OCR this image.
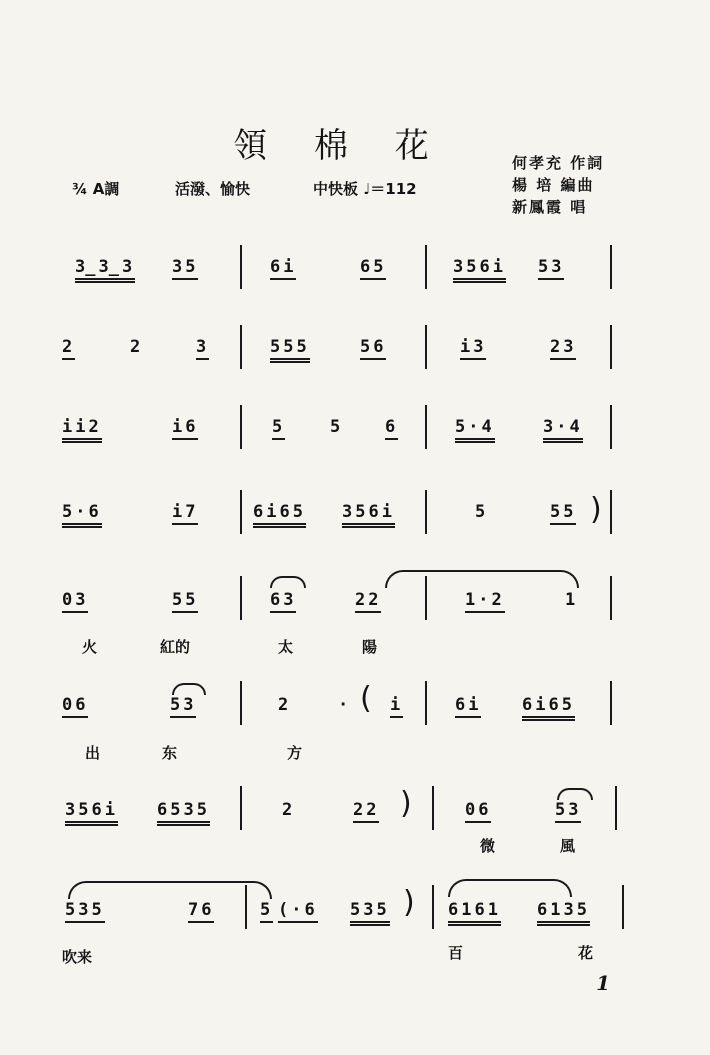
領 棉 花
¾ A調	活潑、愉快	中快板 ♩＝112
何孝充 作詞
楊 培 編曲
新鳳霞 唱
3̲3̲3 35	6i	65	356i 53
2	2	3	555	56	i3	23
ii2	i6	5	5 6	5·4	3·4
5·6	i7	6i65 356i	5	55 )
03	55	63	22	1·2	1
火	紅的	太	陽
06	53	2	· ( i	6i 6i65
出	东	方
356i 6535	2	22 )	06	53
微	風
535	76	5 (·6 535 ) 6161 6135
吹来	百	花
1
